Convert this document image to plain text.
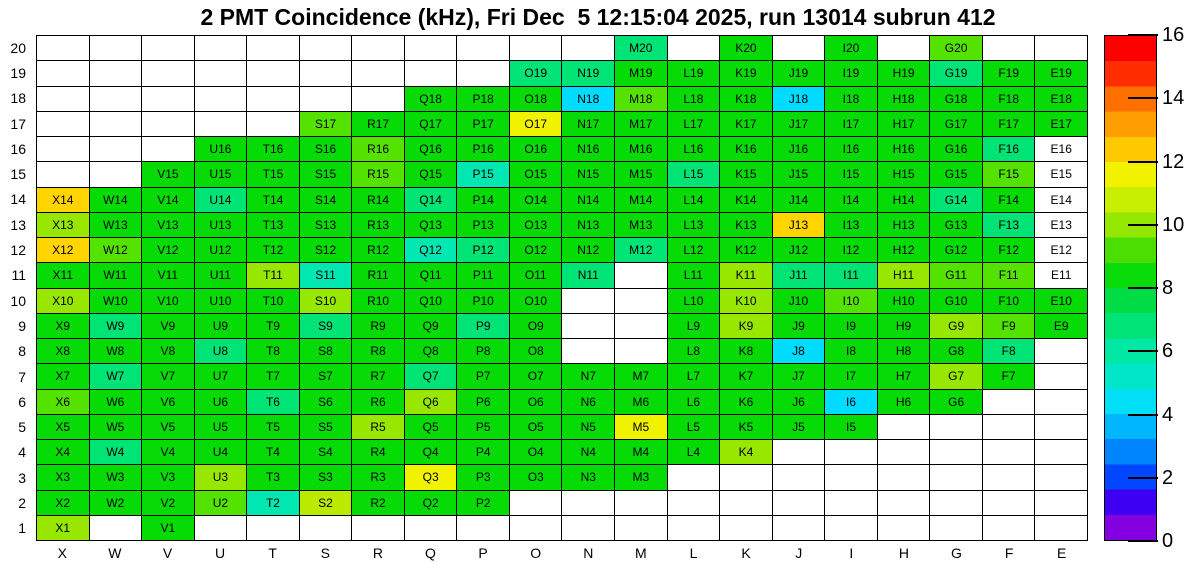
2 PMT Coincidence (kHz), Fri Dec  5 12:15:04 2025, run 13014 subrun 412
20
19
18
17
16
15
14
13
12
11
10
9
8
7
6
5
4
3
2
1
M20	K20	I20	G20
O19	N19	M19	L19	K19	J19	I19	H19	G19	F19	E19
Q18	P18	O18	N18	M18	L18	K18	J18	I18	H18	G18	F18	E18
S17	R17	Q17	P17	O17	N17	M17	L17	K17	J17	I17	H17	G17	F17	E17
U16	T16	S16	R16	Q16	P16	O16	N16	M16	L16	K16	J16	I16	H16	G16	F16	E16
V15	U15	T15	S15	R15	Q15	P15	O15	N15	M15	L15	K15	J15	I15	H15	G15	F15	E15
X14	W14	V14	U14	T14	S14	R14	Q14	P14	O14	N14	M14	L14	K14	J14	I14	H14	G14	F14	E14
X13	W13	V13	U13	T13	S13	R13	Q13	P13	O13	N13	M13	L13	K13	J13	I13	H13	G13	F13	E13
X12	W12	V12	U12	T12	S12	R12	Q12	P12	O12	N12	M12	L12	K12	J12	I12	H12	G12	F12	E12
X11	W11	V11	U11	T11	S11	R11	Q11	P11	O11	N11	L11	K11	J11	I11	H11	G11	F11	E11
X10	W10	V10	U10	T10	S10	R10	Q10	P10	O10	L10	K10	J10	I10	H10	G10	F10	E10
X9	W9	V9	U9	T9	S9	R9	Q9	P9	O9	L9	K9	J9	I9	H9	G9	F9	E9
X8	W8	V8	U8	T8	S8	R8	Q8	P8	O8	L8	K8	J8	I8	H8	G8	F8
X7	W7	V7	U7	T7	S7	R7	Q7	P7	O7	N7	M7	L7	K7	J7	I7	H7	G7	F7
X6	W6	V6	U6	T6	S6	R6	Q6	P6	O6	N6	M6	L6	K6	J6	I6	H6	G6
X5	W5	V5	U5	T5	S5	R5	Q5	P5	O5	N5	M5	L5	K5	J5	I5
X4	W4	V4	U4	T4	S4	R4	Q4	P4	O4	N4	M4	L4	K4
X3	W3	V3	U3	T3	S3	R3	Q3	P3	O3	N3	M3
X2	W2	V2	U2	T2	S2	R2	Q2	P2
X1	V1
X	W	V	U	T	S	R	Q	P	O	N	M	L	K	J	I	H	G	F	E
0
2
4
6
8
10
12
14
16
